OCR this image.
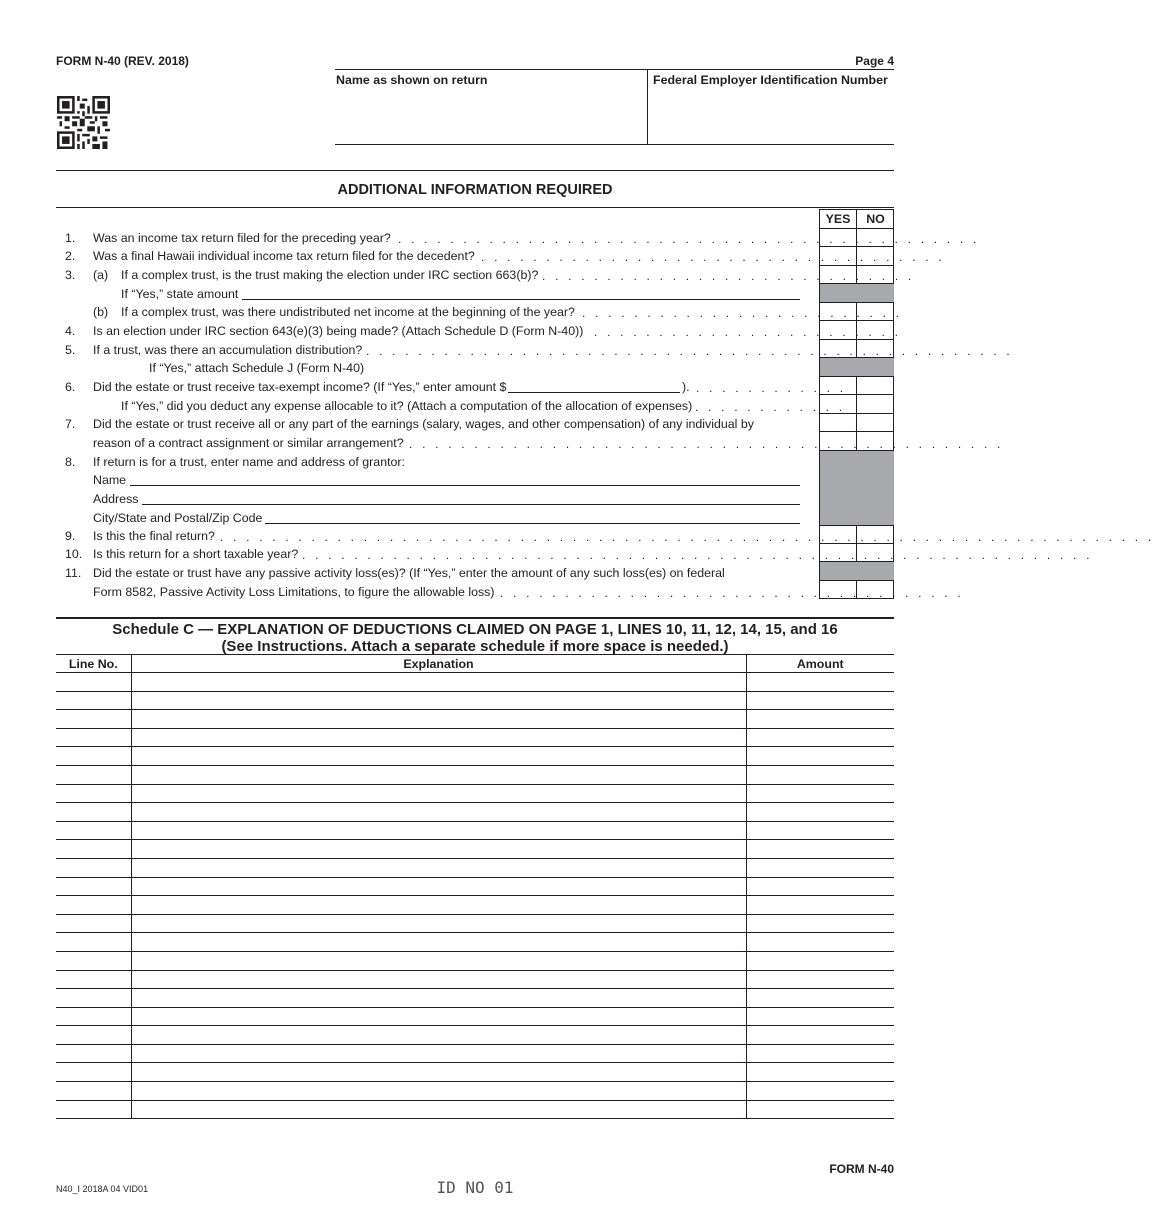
FORM N-40 (REV. 2018)	Page 4
Name as shown on return	Federal Employer Identification Number
ADDITIONAL INFORMATION REQUIRED
YES	NO
1. Was an income tax return filed for the preceding year? . . . . . . . . . . . . . . . . . . . . . . . . . . . . . . . . . . . . . . . . . . . . .
2. Was a final Hawaii individual income tax return filed for the decedent? . . . . . . . . . . . . . . . . . . . . . . . . . . . . . . . . . . . .
3. (a) If a complex trust, is the trust making the election under IRC section 663(b)? . . . . . . . . . . . . . . . . . . . . . . . . . . . . .
If “Yes,” state amount
(b) If a complex trust, was there undistributed net income at the beginning of the year? . . . . . . . . . . . . . . . . . . . . . . . . .
4. Is an election under IRC section 643(e)(3) being made? (Attach Schedule D (Form N-40)) . . . . . . . . . . . . . . . . . . . . . . . .
5. If a trust, was there an accumulation distribution? . . . . . . . . . . . . . . . . . . . . . . . . . . . . . . . . . . . . . . . . . . . . . . . . . .
If “Yes,” attach Schedule J (Form N-40)
6. Did the estate or trust receive tax-exempt income? (If “Yes,” enter amount $	). . . . . . . . . . . . .
If “Yes,” did you deduct any expense allocable to it? (Attach a computation of the allocation of expenses) . . . . . . . . . . . .
7. Did the estate or trust receive all or any part of the earnings (salary, wages, and other compensation) of any individual by
reason of a contract assignment or similar arrangement? . . . . . . . . . . . . . . . . . . . . . . . . . . . . . . . . . . . . . . . . . . . . . .
8. If return is for a trust, enter name and address of grantor:
Name
Address
City/State and Postal/Zip Code
9. Is this the final return? . . . . . . . . . . . . . . . . . . . . . . . . . . . . . . . . . . . . . . . . . . . . . . . . . . . . . . . . . . . . . . . . . . . . . . . .
10. Is this return for a short taxable year? . . . . . . . . . . . . . . . . . . . . . . . . . . . . . . . . . . . . . . . . . . . . . . . . . . . . . . . . . . . . .
11. Did the estate or trust have any passive activity loss(es)? (If “Yes,” enter the amount of any such loss(es) on federal
Form 8582, Passive Activity Loss Limitations, to figure the allowable loss) . . . . . . . . . . . . . . . . . . . . . . . . . . . . . . . . . . . .
Schedule C — EXPLANATION OF DEDUCTIONS CLAIMED ON PAGE 1, LINES 10, 11, 12, 14, 15, and 16
(See Instructions. Attach a separate schedule if more space is needed.)
Line No.	Explanation	Amount

FORM N-40
N40_I 2018A 04 VID01	ID NO 01
